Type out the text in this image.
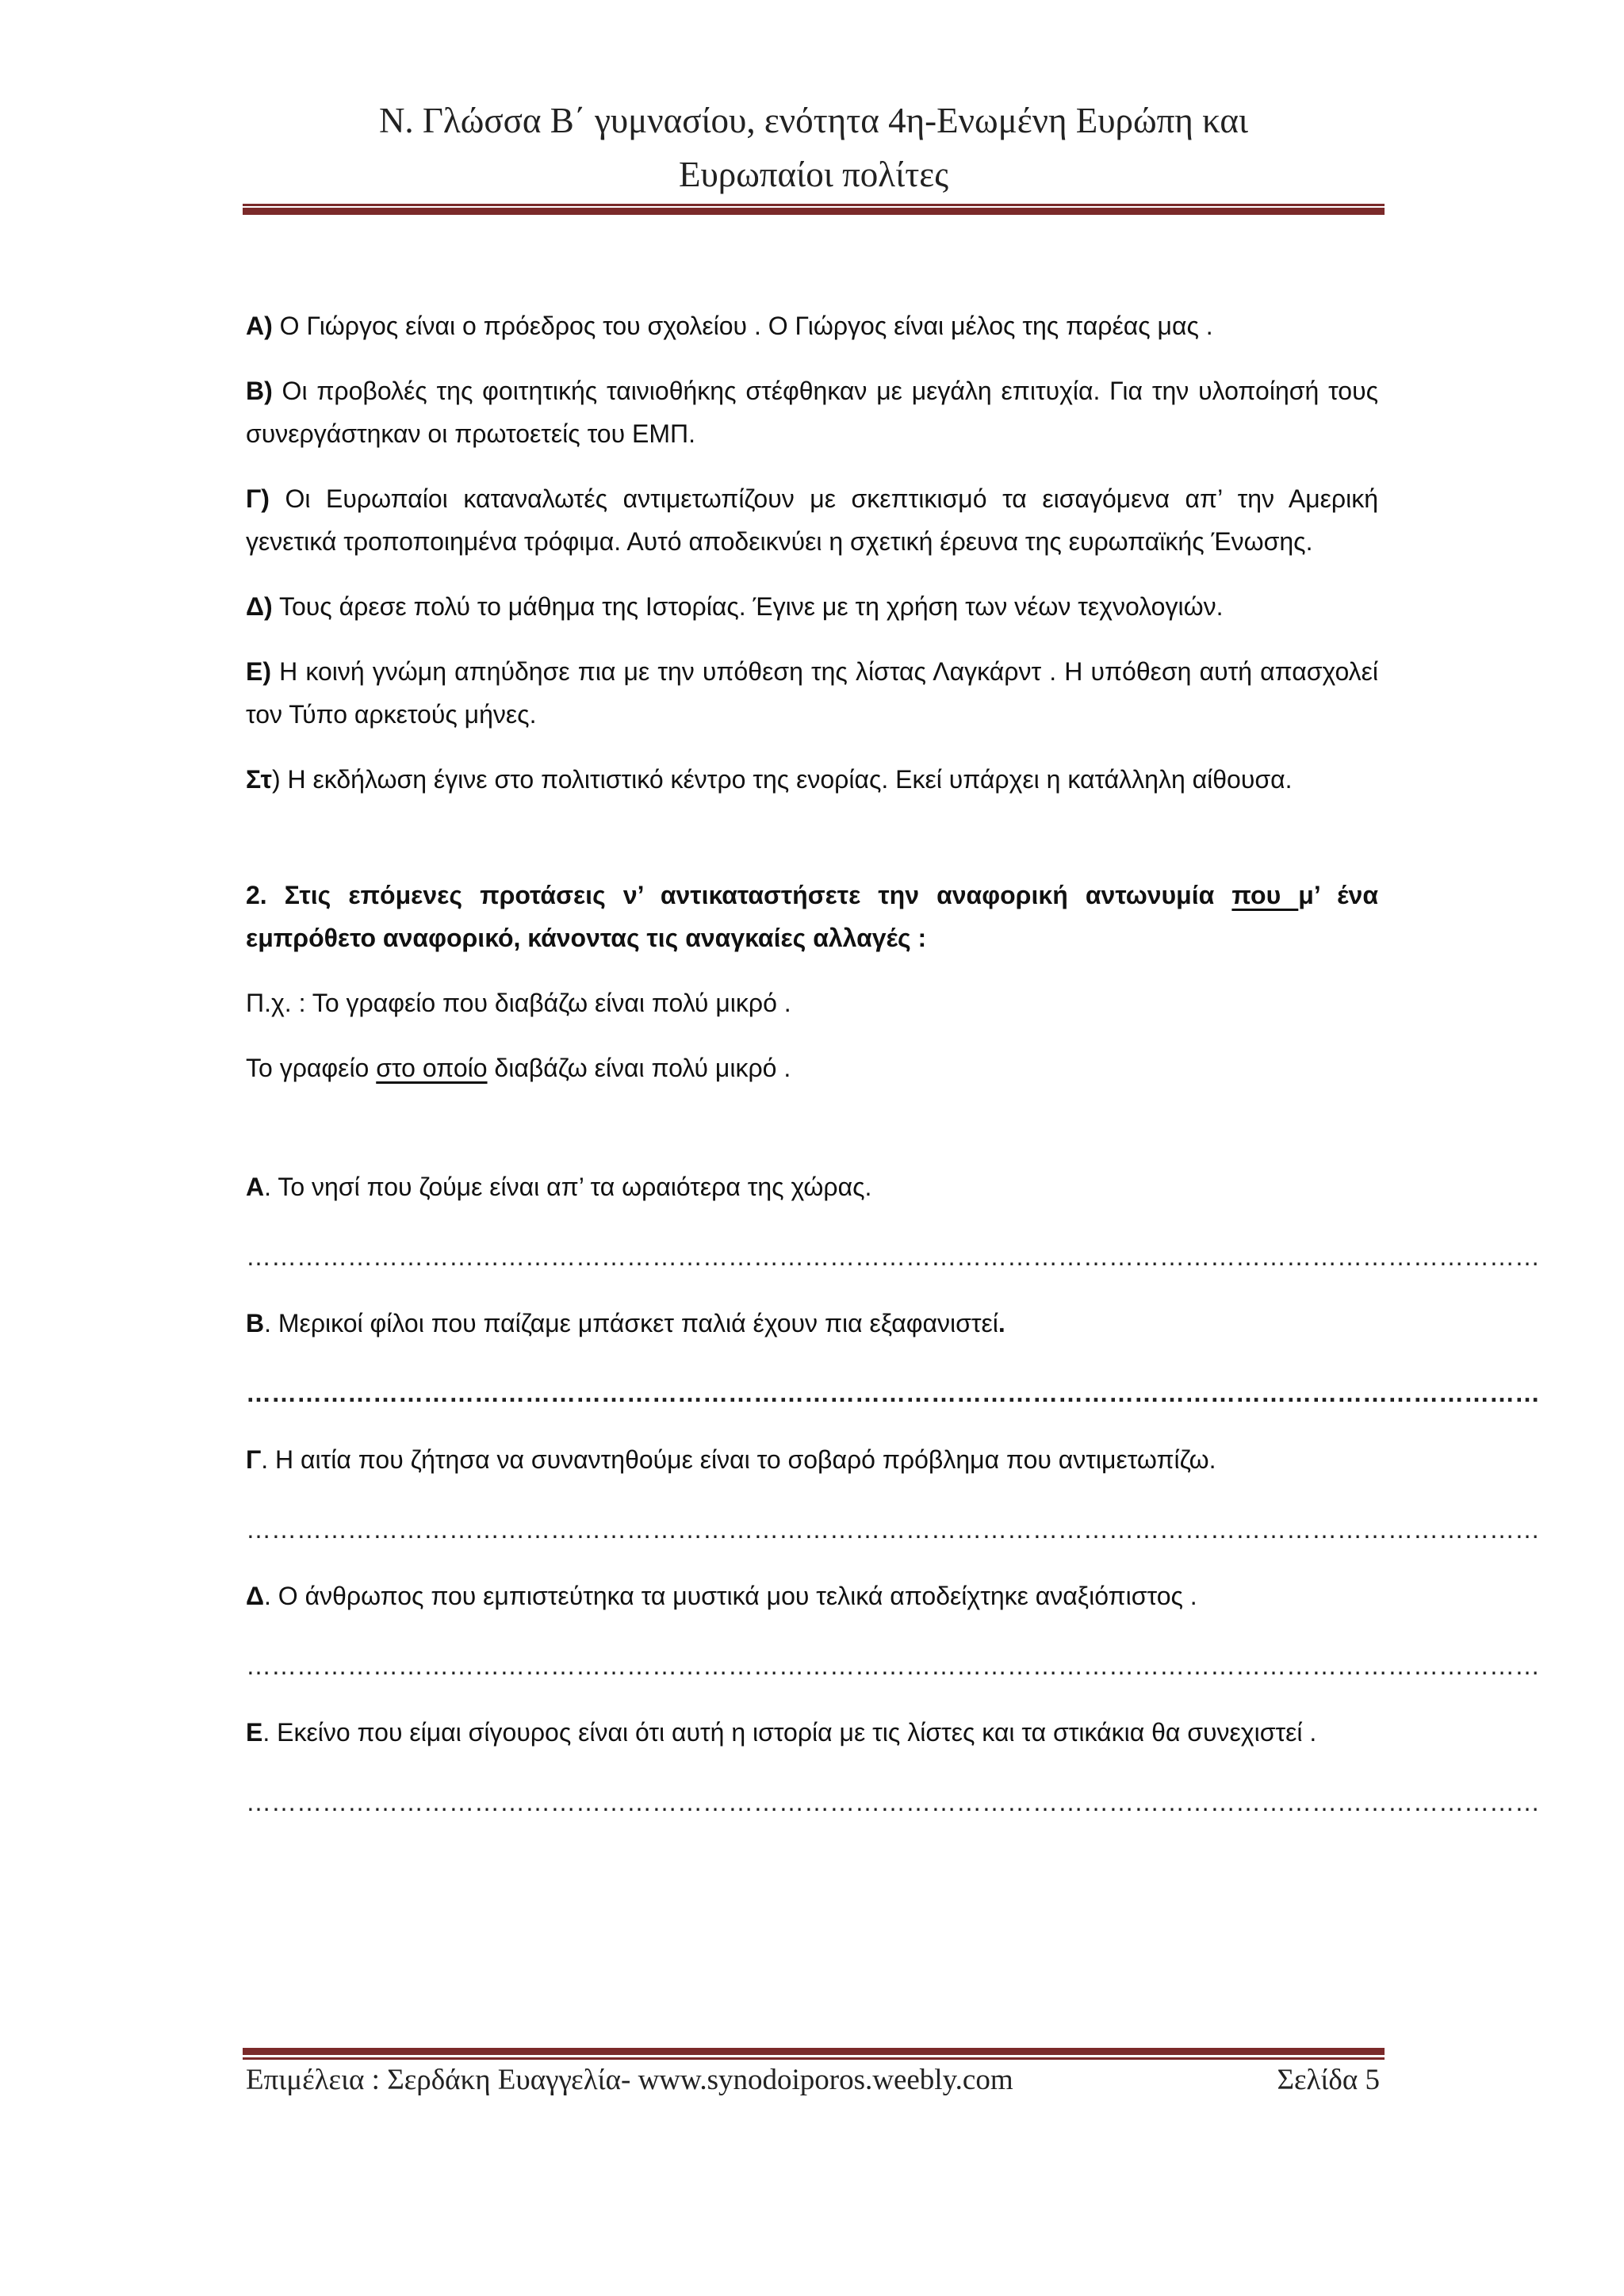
Ν. Γλώσσα Β΄ γυμνασίου, ενότητα 4η-Ενωμένη Ευρώπη και
Ευρωπαίοι πολίτες

Α) Ο Γιώργος είναι ο πρόεδρος του σχολείου . Ο Γιώργος είναι μέλος της παρέας μας .

Β) Οι προβολές της φοιτητικής ταινιοθήκης στέφθηκαν με μεγάλη επιτυχία. Για την υλοποίησή τους συνεργάστηκαν οι πρωτοετείς του ΕΜΠ.

Γ) Οι Ευρωπαίοι καταναλωτές αντιμετωπίζουν με σκεπτικισμό τα εισαγόμενα απ’ την Αμερική γενετικά τροποποιημένα τρόφιμα. Αυτό αποδεικνύει η σχετική έρευνα της ευρωπαϊκής Ένωσης.

Δ) Τους άρεσε πολύ το μάθημα της Ιστορίας. Έγινε με τη χρήση των νέων τεχνολογιών.

Ε) Η κοινή γνώμη απηύδησε πια με την υπόθεση της λίστας Λαγκάρντ . Η υπόθεση αυτή απασχολεί τον Τύπο αρκετούς μήνες.

Στ) Η εκδήλωση έγινε στο πολιτιστικό κέντρο της ενορίας. Εκεί υπάρχει η κατάλληλη αίθουσα.

2. Στις επόμενες προτάσεις ν’ αντικαταστήσετε την αναφορική αντωνυμία που μ’ ένα εμπρόθετο αναφορικό, κάνοντας τις αναγκαίες αλλαγές :

Π.χ. : Το γραφείο που διαβάζω είναι πολύ μικρό .

Το γραφείο στο οποίο διαβάζω είναι πολύ μικρό .

Α. Το νησί που ζούμε είναι απ’ τα ωραιότερα της χώρας.

………………………………………………………………………………………………………………………………………

Β. Μερικοί φίλοι που παίζαμε μπάσκετ παλιά έχουν πια εξαφανιστεί.

………………………………………………………………………………………………………………………………………

Γ. Η αιτία που ζήτησα να συναντηθούμε είναι το σοβαρό πρόβλημα που αντιμετωπίζω.

………………………………………………………………………………………………………………………………………

Δ. Ο άνθρωπος που εμπιστεύτηκα τα μυστικά μου τελικά αποδείχτηκε αναξιόπιστος .

………………………………………………………………………………………………………………………………………

Ε. Εκείνο που είμαι σίγουρος είναι ότι αυτή η ιστορία με τις λίστες και τα στικάκια θα συνεχιστεί .

………………………………………………………………………………………………………………………………………
Επιμέλεια : Σερδάκη Ευαγγελία- www.synodoiporos.weebly.com	Σελίδα 5
